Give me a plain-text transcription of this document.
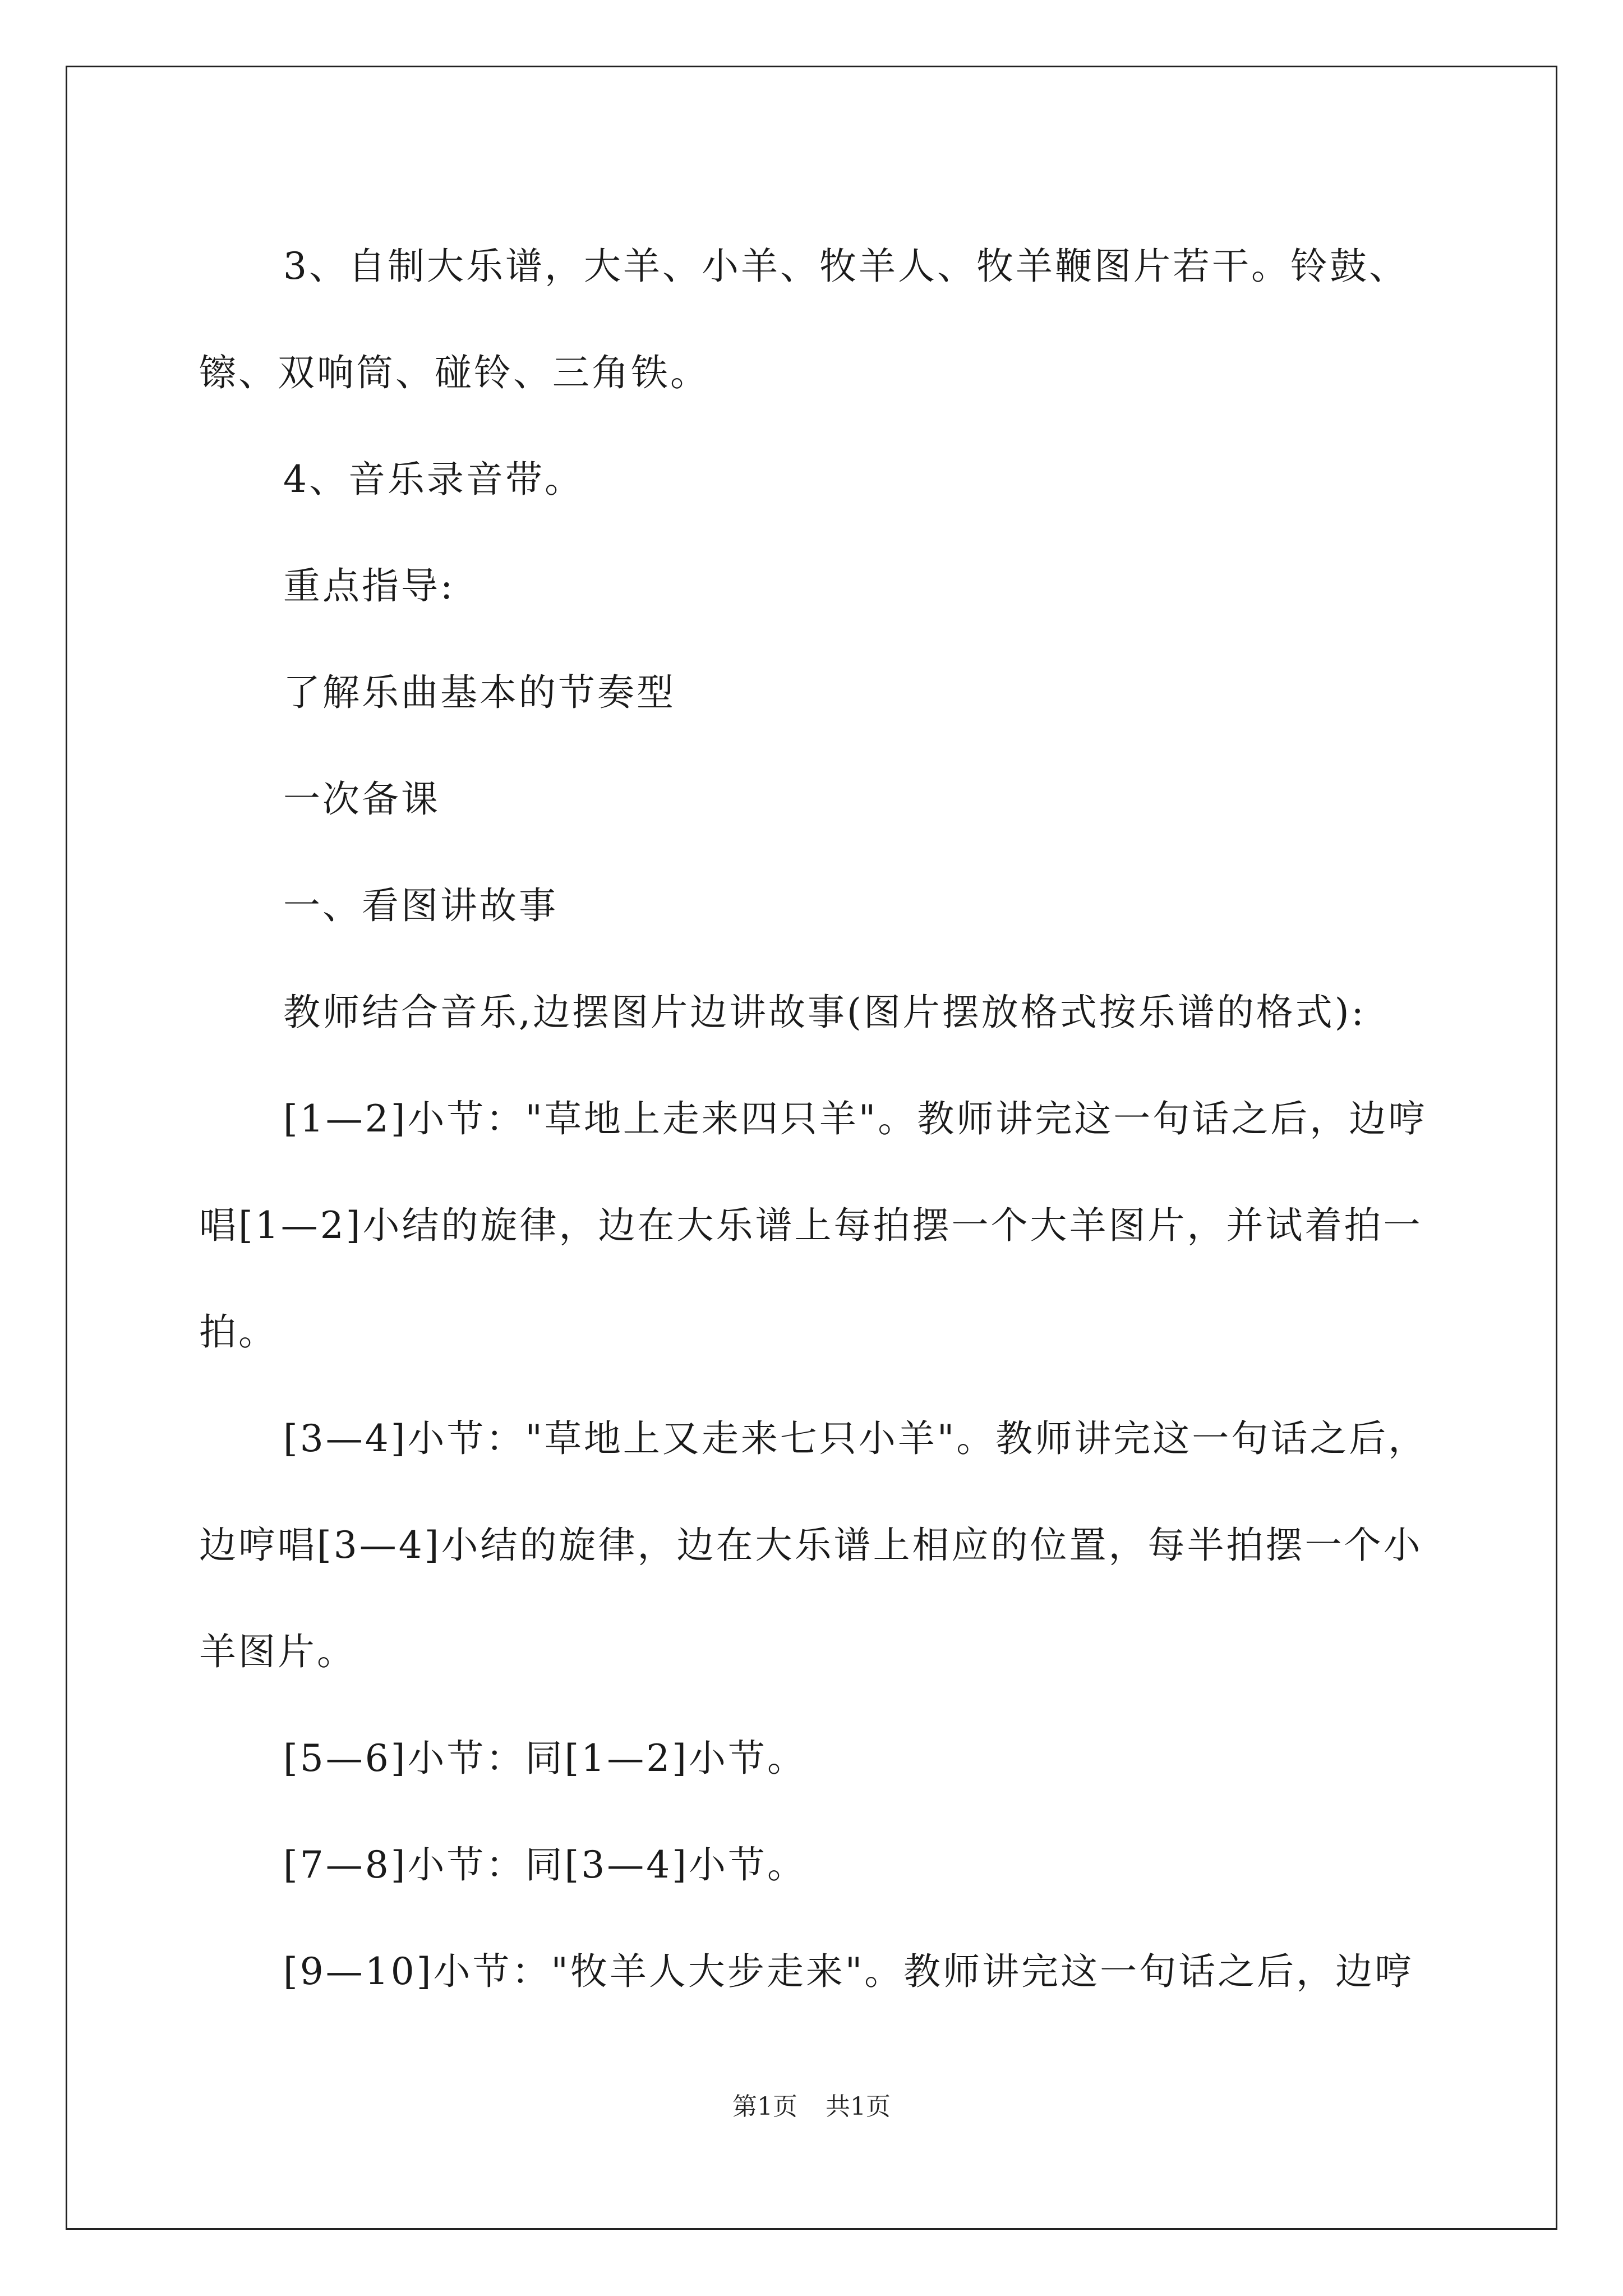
3、自制大乐谱，大羊、小羊、牧羊人、牧羊鞭图片若干。铃鼓、镲、双响筒、碰铃、三角铁。

4、音乐录音带。

重点指导:

了解乐曲基本的节奏型

一次备课

一、看图讲故事

教师结合音乐,边摆图片边讲故事(图片摆放格式按乐谱的格式):

[1—2]小节："草地上走来四只羊"。教师讲完这一句话之后，边哼唱[1—2]小结的旋律，边在大乐谱上每拍摆一个大羊图片，并试着拍一拍。

[3—4]小节："草地上又走来七只小羊"。教师讲完这一句话之后，边哼唱[3—4]小结的旋律，边在大乐谱上相应的位置，每半拍摆一个小羊图片。

[5—6]小节：同[1—2]小节。

[7—8]小节：同[3—4]小节。

[9—10]小节："牧羊人大步走来"。教师讲完这一句话之后，边哼

第1页 共1页
